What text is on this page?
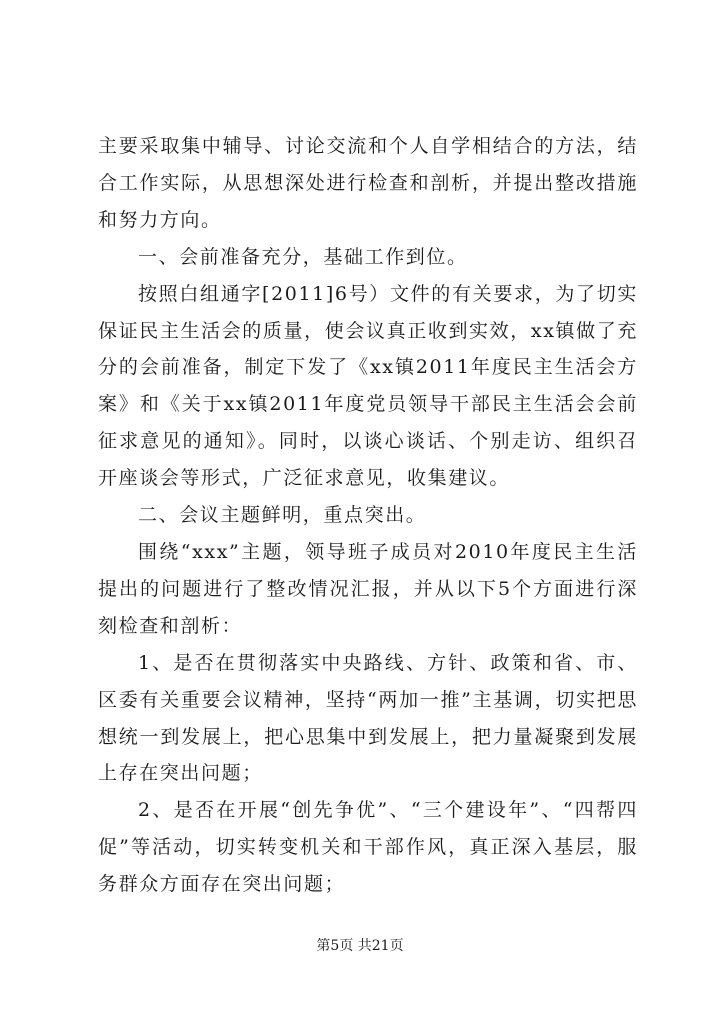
主要采取集中辅导、讨论交流和个人自学相结合的方法，结合工作实际，从思想深处进行检查和剖析，并提出整改措施和努力方向。

一、会前准备充分，基础工作到位。

按照白组通字[2011]6号）文件的有关要求，为了切实保证民主生活会的质量，使会议真正收到实效，xx镇做了充分的会前准备，制定下发了《xx镇2011年度民主生活会方案》和《关于xx镇2011年度党员领导干部民主生活会会前征求意见的通知》。同时，以谈心谈话、个别走访、组织召开座谈会等形式，广泛征求意见，收集建议。

二、会议主题鲜明，重点突出。

围绕“xxx”主题，领导班子成员对2010年度民主生活提出的问题进行了整改情况汇报，并从以下5个方面进行深刻检查和剖析：

1、是否在贯彻落实中央路线、方针、政策和省、市、区委有关重要会议精神，坚持“两加一推”主基调，切实把思想统一到发展上，把心思集中到发展上，把力量凝聚到发展上存在突出问题；

2、是否在开展“创先争优”、“三个建设年”、“四帮四促”等活动，切实转变机关和干部作风，真正深入基层，服务群众方面存在突出问题；

第5页 共21页
